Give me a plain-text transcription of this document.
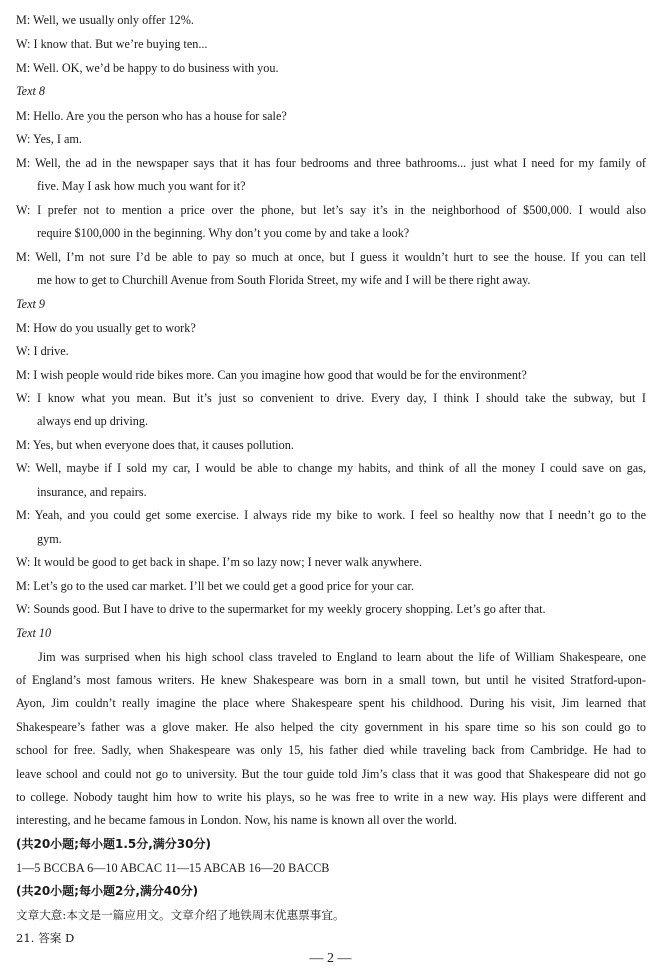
M: Well, we usually only offer 12%.
W: I know that. But we’re buying ten...
M: Well. OK, we’d be happy to do business with you.
Text 8
M: Hello. Are you the person who has a house for sale?
W: Yes, I am.
M: Well, the ad in the newspaper says that it has four bedrooms and three bathrooms... just what I need for my family of
five. May I ask how much you want for it?
W: I prefer not to mention a price over the phone, but let’s say it’s in the neighborhood of $500,000. I would also
require $100,000 in the beginning. Why don’t you come by and take a look?
M: Well, I’m not sure I’d be able to pay so much at once, but I guess it wouldn’t hurt to see the house. If you can tell
me how to get to Churchill Avenue from South Florida Street, my wife and I will be there right away.
Text 9
M: How do you usually get to work?
W: I drive.
M: I wish people would ride bikes more. Can you imagine how good that would be for the environment?
W: I know what you mean. But it’s just so convenient to drive. Every day, I think I should take the subway, but I
always end up driving.
M: Yes, but when everyone does that, it causes pollution.
W: Well, maybe if I sold my car, I would be able to change my habits, and think of all the money I could save on gas,
insurance, and repairs.
M: Yeah, and you could get some exercise. I always ride my bike to work. I feel so healthy now that I needn’t go to the
gym.
W: It would be good to get back in shape. I’m so lazy now; I never walk anywhere.
M: Let’s go to the used car market. I’ll bet we could get a good price for your car.
W: Sounds good. But I have to drive to the supermarket for my weekly grocery shopping. Let’s go after that.
Text 10
Jim was surprised when his high school class traveled to England to learn about the life of William Shakespeare, one
of England’s most famous writers. He knew Shakespeare was born in a small town, but until he visited Stratford-upon-
Ayon, Jim couldn’t really imagine the place where Shakespeare spent his childhood. During his visit, Jim learned that
Shakespeare’s father was a glove maker. He also helped the city government in his spare time so his son could go to
school for free. Sadly, when Shakespeare was only 15, his father died while traveling back from Cambridge. He had to
leave school and could not go to university. But the tour guide told Jim’s class that it was good that Shakespeare did not go
to college. Nobody taught him how to write his plays, so he was free to write in a new way. His plays were different and
interesting, and he became famous in London. Now, his name is known all over the world.
(共20小题;每小题1.5分,满分30分)
1—5 BCCBA 6—10 ABCAC 11—15 ABCAB 16—20 BACCB
(共20小题;每小题2分,满分40分)
文章大意:本文是一篇应用文。文章介绍了地铁周末优惠票事宜。
21. 答案 D
— 2 —
